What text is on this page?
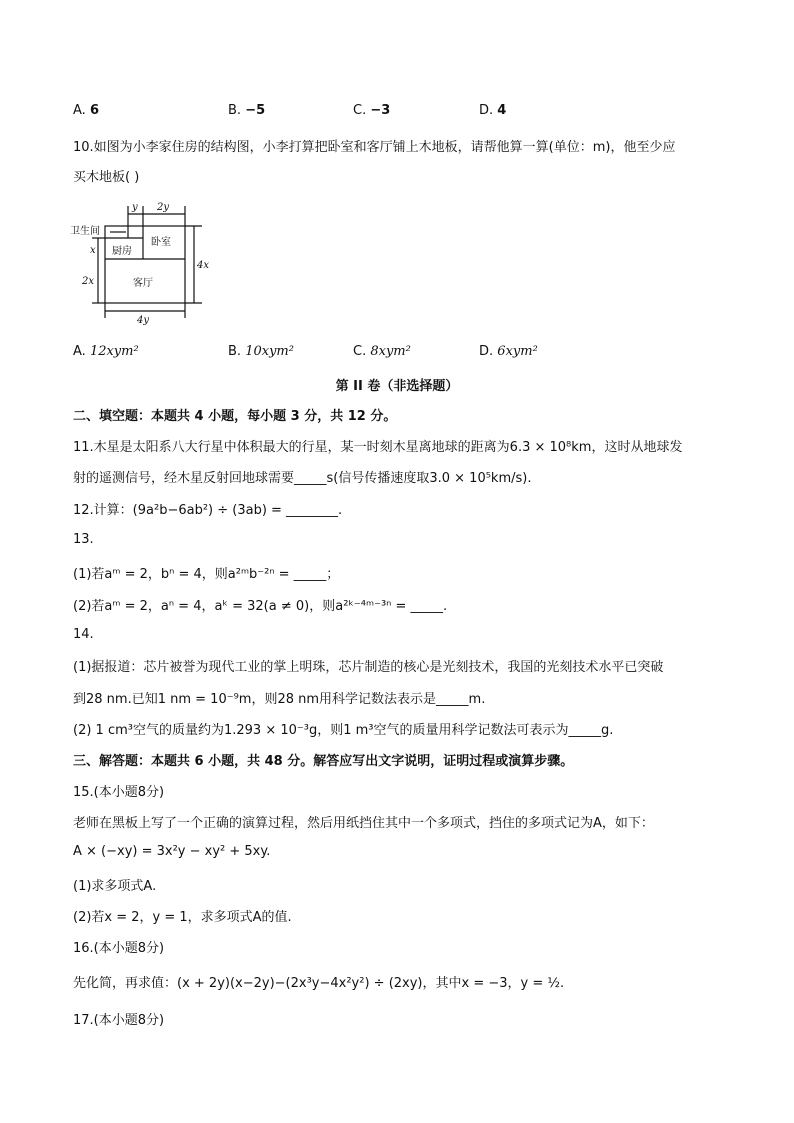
A. 6	B. −5	C. −3	D. 4
10.如图为小李家住房的结构图，小李打算把卧室和客厅铺上木地板，请帮他算一算(单位：m)，他至少应
买木地板( )
卫生间
厨房
卧室
客厅
y 2y
x
2x
4x
4y
A. 12xym²	B. 10xym²	C. 8xym²	D. 6xym²
第 II 卷（非选择题）
二、填空题：本题共 4 小题，每小题 3 分，共 12 分。
11.木星是太阳系八大行星中体积最大的行星，某一时刻木星离地球的距离为6.3 × 10⁸km，这时从地球发
射的遥测信号，经木星反射回地球需要_____s(信号传播速度取3.0 × 10⁵km/s).
12.计算：(9a²b−6ab²) ÷ (3ab) = ________.
13.
(1)若aᵐ = 2，bⁿ = 4，则a²ᵐb⁻²ⁿ = _____；
(2)若aᵐ = 2，aⁿ = 4，aᵏ = 32(a ≠ 0)，则a²ᵏ⁻⁴ᵐ⁻³ⁿ = _____.
14.
(1)据报道：芯片被誉为现代工业的掌上明珠，芯片制造的核心是光刻技术，我国的光刻技术水平已突破
到28 nm.已知1 nm = 10⁻⁹m，则28 nm用科学记数法表示是_____m.
(2) 1 cm³空气的质量约为1.293 × 10⁻³g，则1 m³空气的质量用科学记数法可表示为_____g.
三、解答题：本题共 6 小题，共 48 分。解答应写出文字说明，证明过程或演算步骤。
15.(本小题8分)
老师在黑板上写了一个正确的演算过程，然后用纸挡住其中一个多项式，挡住的多项式记为A，如下：
A × (−xy) = 3x²y − xy² + 5xy.
(1)求多项式A.
(2)若x = 2，y = 1，求多项式A的值.
16.(本小题8分)
先化简，再求值：(x + 2y)(x−2y)−(2x³y−4x²y²) ÷ (2xy)，其中x = −3，y = ½.
17.(本小题8分)
